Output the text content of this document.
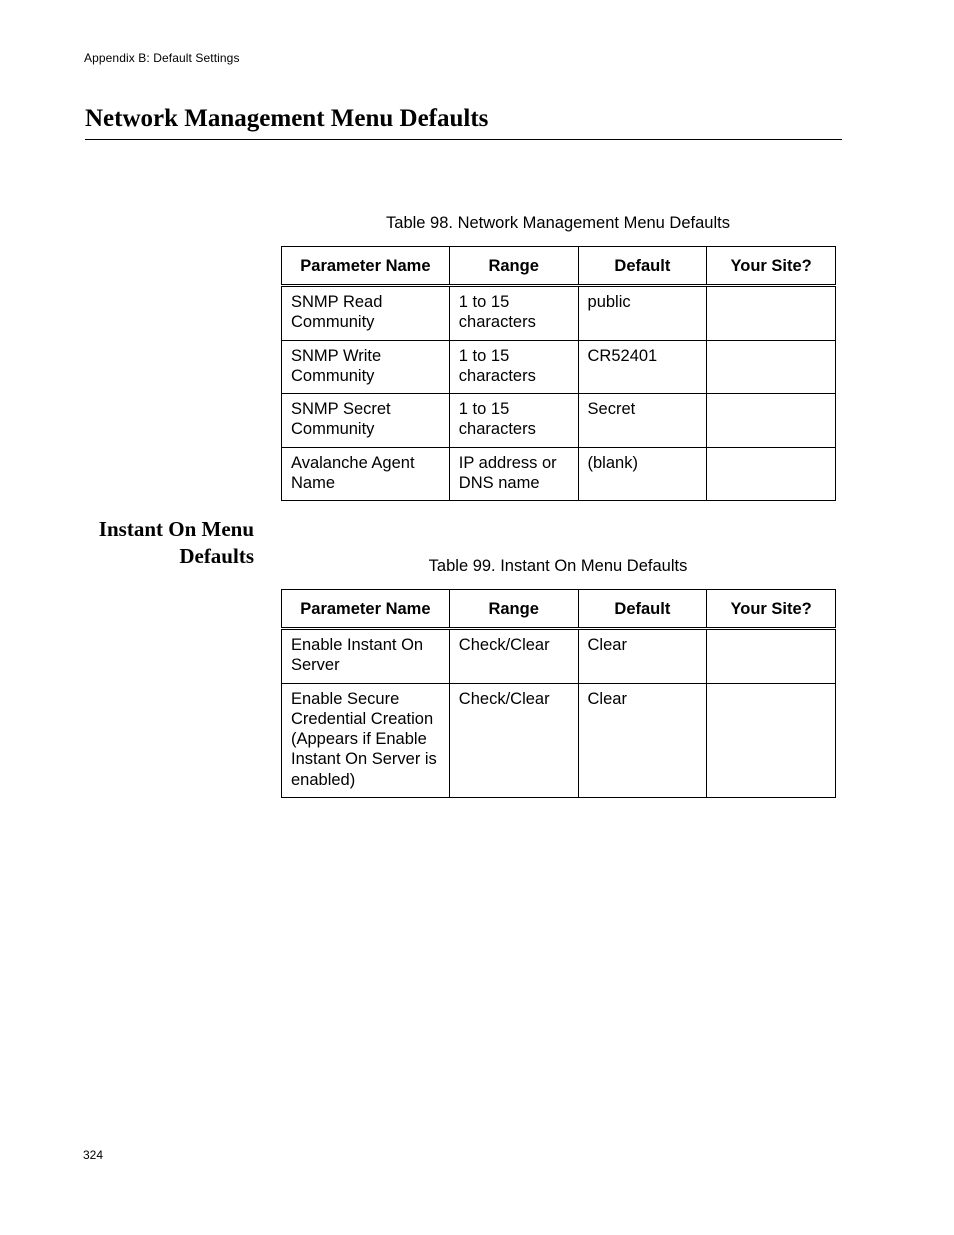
Appendix B: Default Settings
Network Management Menu Defaults
Table 98. Network Management Menu Defaults
Parameter Name	Range	Default	Your Site?
SNMP Read Community	1 to 15 characters	public	
SNMP Write Community	1 to 15 characters	CR52401	
SNMP Secret Community	1 to 15 characters	Secret	
Avalanche Agent Name	IP address or DNS name	(blank)	
Instant On Menu
Defaults	Table 99. Instant On Menu Defaults
Parameter Name	Range	Default	Your Site?
Enable Instant On Server	Check/Clear	Clear	
Enable Secure Credential Creation (Appears if Enable Instant On Server is enabled)	Check/Clear	Clear	
324
